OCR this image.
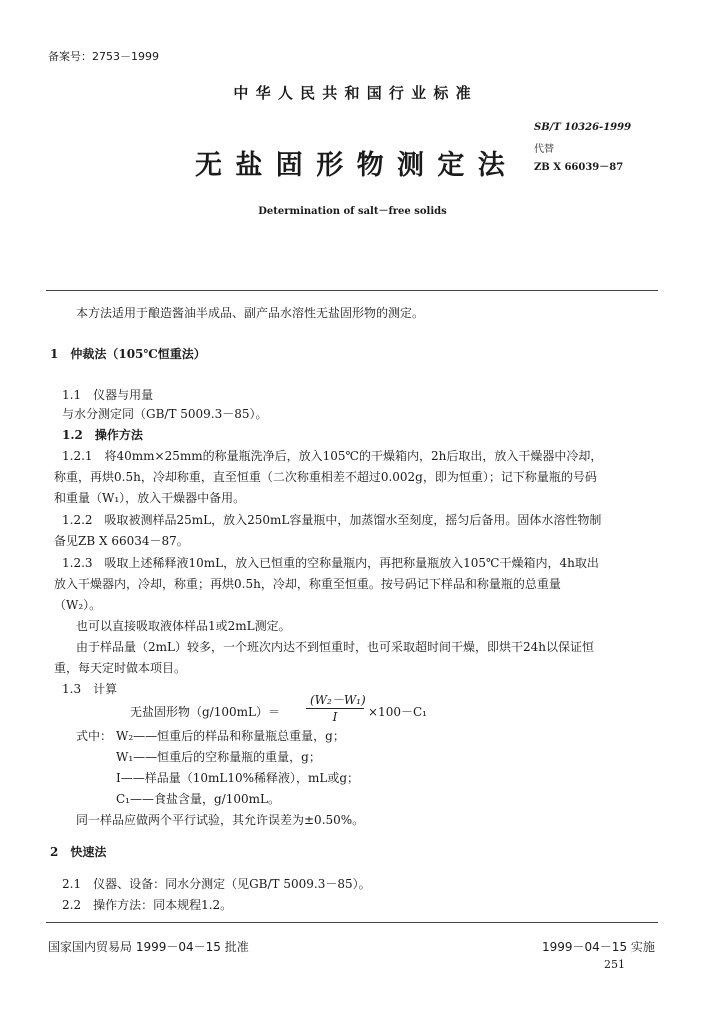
备案号：2753－1999
中 华 人 民 共 和 国 行 业 标 准
SB/T 10326-1999
代替
ZB X 66039－87
无 盐 固 形 物 测 定 法
Determination of salt－free solids
本方法适用于酿造酱油半成品、副产品水溶性无盐固形物的测定。
1　仲裁法（105℃恒重法）
1.1　仪器与用量
与水分测定同（GB/T 5009.3－85）。
1.2　操作方法
1.2.1　将40mm×25mm的称量瓶洗净后，放入105℃的干燥箱内，2h后取出，放入干燥器中冷却，
称重，再烘0.5h，冷却称重，直至恒重（二次称重相差不超过0.002g，即为恒重）；记下称量瓶的号码
和重量（W₁），放入干燥器中备用。
1.2.2　吸取被测样品25mL，放入250mL容量瓶中，加蒸馏水至刻度，摇匀后备用。固体水溶性物制
备见ZB X 66034－87。
1.2.3　吸取上述稀释液10mL，放入已恒重的空称量瓶内，再把称量瓶放入105℃干燥箱内，4h取出
放入干燥器内，冷却，称重；再烘0.5h，冷却，称重至恒重。按号码记下样品和称量瓶的总重量
（W₂）。
也可以直接吸取液体样品1或2mL测定。
由于样品量（2mL）较多，一个班次内达不到恒重时，也可采取超时间干燥，即烘干24h以保证恒
重，每天定时做本项目。
1.3　计算
无盐固形物（g/100mL）＝
(W₂－W₁)
I	×100－C₁
式中： W₂——恒重后的样品和称量瓶总重量，g；
W₁——恒重后的空称量瓶的重量，g；
I——样品量（10mL10%稀释液），mL或g；
C₁——食盐含量，g/100mL。
同一样品应做两个平行试验，其允许误差为±0.50%。
2　快速法
2.1　仪器、设备：同水分测定（见GB/T 5009.3－85）。
2.2　操作方法：同本规程1.2。
国家国内贸易局 1999－04－15 批准	1999－04－15 实施
251
